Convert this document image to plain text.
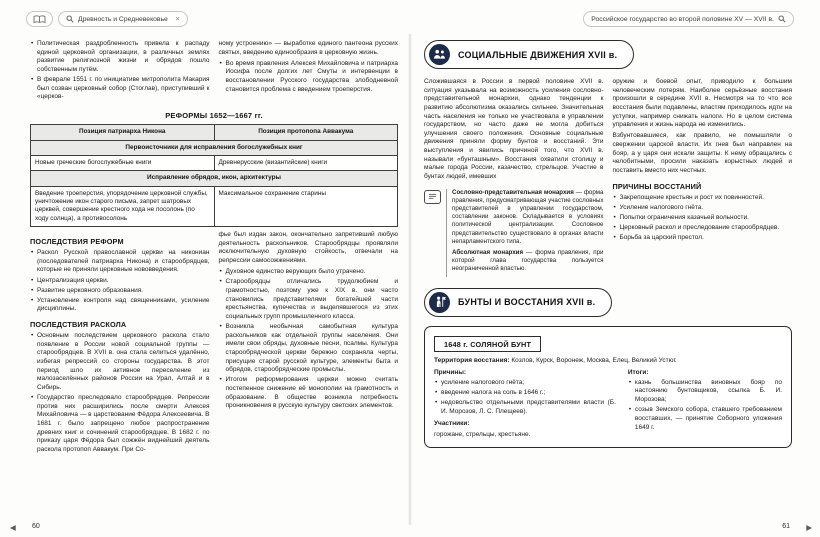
Древность и Средневековье ✕	Российское государство во второй половине XV — XVII в.

• Политическая раздробленность привела к распаду единой церковной организации, в различных землях развитие религиозной жизни и обрядов пошло собственным путём.

• В феврале 1551 г. по инициативе митрополита Макария был созван церковный собор (Стоглав), приступивший к «церков-

ному устроению» — выработке единого пантеона русских святых, введению единообразия в церковную жизнь.

• Во время правления Алексея Михайловича и патриарха Иосифа после долгих лет Смуты и интервенции в восстановлении Русского государства злободневной становится проблема с введением троеперстия.

РЕФОРМЫ 1652—1667 гг.
Позиция патриарха Никона	Позиция протопопа Аввакума
Первоисточники для исправления богослужебных книг	
Новые греческие богослужебные книги	Древнерусские (византийские) книги
Исправление обрядов, икон, архитектуры	
Введение троеперстия, упорядочение церковной службы, уничтожение икон старого письма, запрет шатровых церквей, совершение крестного хода не посолонь (по ходу солнца), а противосолонь	Максимальное сохранение старины
ПОСЛЕДСТВИЯ РЕФОРМ

• Раскол Русской православной церкви на никониан (последователей патриарха Никона) и старообрядцев, которые не приняли церковные нововведения.

• Централизация церкви.

• Развитие церковного образования.

• Установление контроля над священниками, усиление дисциплины.

ПОСЛЕДСТВИЯ РАСКОЛА

• Основным последствием церковного раскола стало появление в России новой социальной группы — старообрядцев. В XVII в. она стала селиться удалённо, избегая репрессий со стороны государства. В этот период шло их активное переселение из малозаселённых районов России на Урал, Алтай и в Сибирь.

• Государство преследовало старообрядцев. Репрессии против них расширились после смерти Алексея Михайловича — в царствование Фёдора Алексеевича. В 1681 г. было запрещено любое распространение древних книг и сочинений старообрядцев. В 1682 г. по приказу царя Фёдора был сожжён виднейший деятель раскола протопоп Аввакум. При Со-

фье был издан закон, окончательно запретивший любую деятельность раскольников. Старообрядцы проявляли исключительную духовную стойкость, отвечали на репрессии самосожжениями.

• Духовное единство верующих было утрачено.

• Старообрядцы отличались трудолюбием и грамотностью, поэтому уже к XIX в. они часто становились представителями богатейшей части крестьянства, купечества и выделявшегося из этих социальных групп промышленного класса.

• Возникла необычная самобытная культура раскольников как отдельной группы населения. Они имели свои обряды, духовные песни, псалмы. Культура старообрядческой церкви бережно сохраняла черты, присущие старой русской культуре, элементы быта и обрядов, старообрядческие промыслы.

• Итогом реформирования церкви можно считать постепенное снижение её монополии на грамотность и образование. В обществе возникла потребность проникновения в русскую культуру светских элементов.

СОЦИАЛЬНЫЕ ДВИЖЕНИЯ XVII в.

Сложившаяся в России в первой половине XVII в. ситуация указывала на возможность усиления сословно-представительной монархии, однако тенденции к развитию абсолютизма оказались сильнее. Значительная часть населения не только не участвовала в управлении государством, но часто даже не могла добиться улучшения своего положения. Основные социальные движения приняли форму бунтов и восстаний. Эти выступления и явились причиной того, что XVII в. называли «бунташным». Восстания охватили столицу и малые города России, казачество, стрельцов. Участие в бунтах людей, имевших

Сословно-представительная монархия — форма правления, предусматривающая участие сословных представителей в управлении государством, составлении законов. Складывается в условиях политической централизации. Сословное представительство существовало в органах власти непарламентского типа.

Абсолютная монархия — форма правления, при которой глава государства пользуется неограниченной властью.

оружие и боевой опыт, приводило к большим человеческим потерям. Наиболее серьёзные восстания произошли в середине XVII в. Несмотря на то что все восстания были подавлены, властям приходилось идти на уступки, например снижать налоги. Но в целом система управления и жизнь народа не изменились.

Взбунтовавшиеся, как правило, не помышляли о свержении царской власти. Их гнев был направлен на бояр, а у царя они искали защиты. К нему обращались с челобитными, просили наказать корыстных людей и поставить вместо них честных.

ПРИЧИНЫ ВОССТАНИЙ

• Закрепощение крестьян и рост их повинностей.

• Усиление налогового гнёта.

• Попытки ограничения казачьей вольности.

• Церковный раскол и преследование старообрядцев.

• Борьба за царский престол.

БУНТЫ И ВОССТАНИЯ XVII в.
1648 г. СОЛЯНОЙ БУНТ

Территория восстания: Козлов, Курск, Воронеж, Москва, Елец, Великий Устюг.

Причины:

• усиление налогового гнёта;

• введение налога на соль в 1646 г.;

• недовольство отдельными представителями власти (Б. И. Морозов, Л. С. Плещеев).

Участники:

горожане, стрельцы, крестьяне.

Итоги:

• казнь большинства виновных бояр по настоянию бунтовщиков, ссылка Б. И. Морозова;

• созыв Земского собора, ставшего требованием восставших, — принятие Соборного уложения 1649 г.

◀ 60	61 ▶
